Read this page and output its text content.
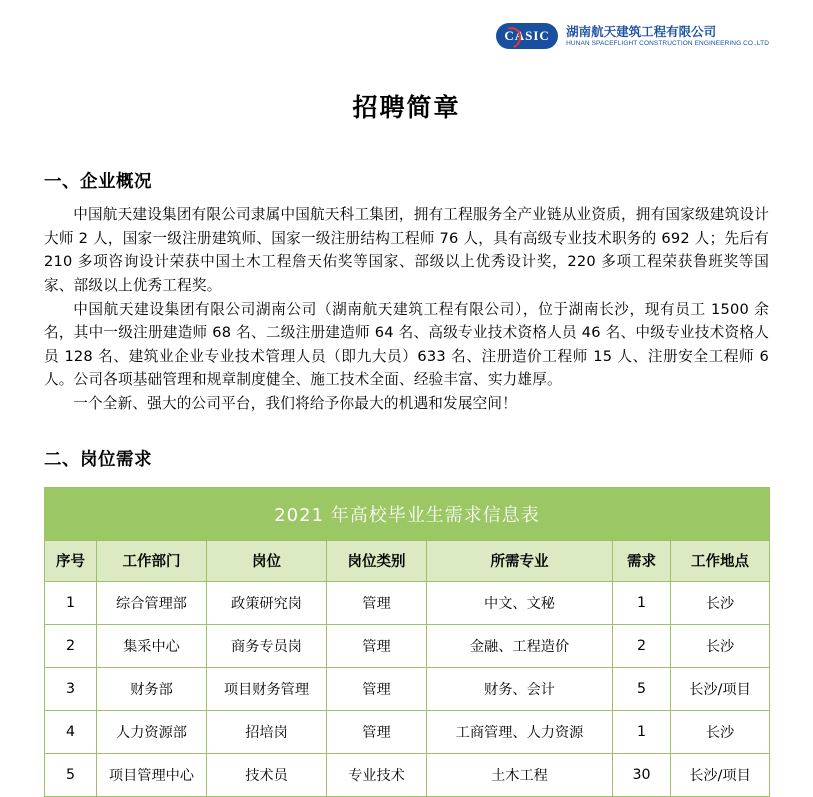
CASIC	湖南航天建筑工程有限公司
HUNAN SPACEFLIGHT CONSTRUCTION ENGINEERING CO.,LTD
招聘简章
一、企业概况

中国航天建设集团有限公司隶属中国航天科工集团，拥有工程服务全产业链从业资质，拥有国家级建筑设计大师 2 人，国家一级注册建筑师、国家一级注册结构工程师 76 人，具有高级专业技术职务的 692 人；先后有 210 多项咨询设计荣获中国土木工程詹天佑奖等国家、部级以上优秀设计奖，220 多项工程荣获鲁班奖等国家、部级以上优秀工程奖。

中国航天建设集团有限公司湖南公司（湖南航天建筑工程有限公司），位于湖南长沙，现有员工 1500 余名，其中一级注册建造师 68 名、二级注册建造师 64 名、高级专业技术资格人员 46 名、中级专业技术资格人员 128 名、建筑业企业专业技术管理人员（即九大员）633 名、注册造价工程师 15 人、注册安全工程师 6 人。公司各项基础管理和规章制度健全、施工技术全面、经验丰富、实力雄厚。

一个全新、强大的公司平台，我们将给予你最大的机遇和发展空间！

二、岗位需求
2021 年高校毕业生需求信息表						
序号	工作部门	岗位	岗位类别	所需专业	需求	工作地点
1	综合管理部	政策研究岗	管理	中文、文秘	1	长沙
2	集采中心	商务专员岗	管理	金融、工程造价	2	长沙
3	财务部	项目财务管理	管理	财务、会计	5	长沙/项目
4	人力资源部	招培岗	管理	工商管理、人力资源	1	长沙
5	项目管理中心	技术员	专业技术	土木工程	30	长沙/项目
